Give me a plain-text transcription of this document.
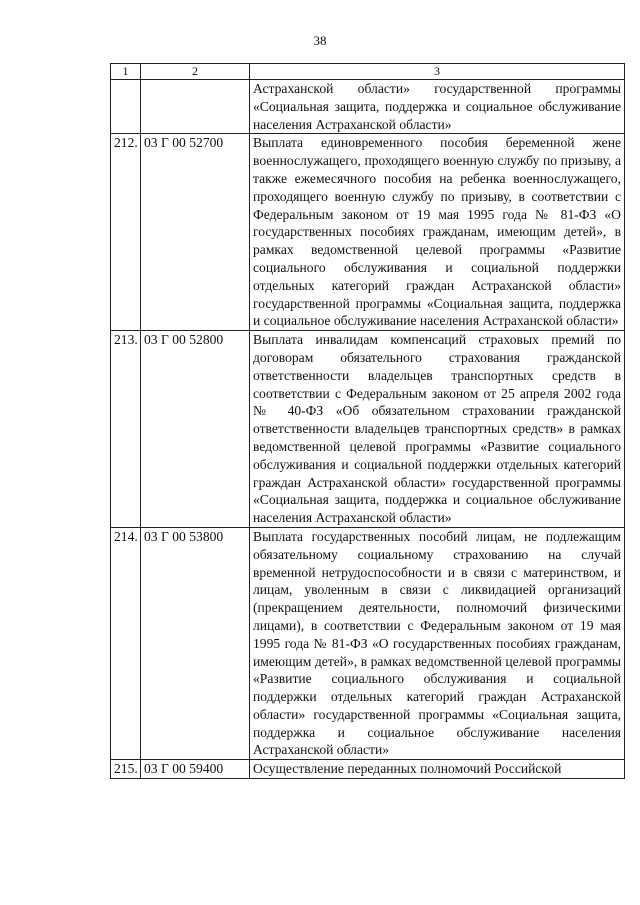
38
1	2	3
		Астраханской области» государственной программы «Социальная защита, поддержка и социальное обслуживание населения Астраханской области»
212.	03 Г 00 52700	Выплата единовременного пособия беременной жене военнослужащего, проходящего военную службу по призыву, а также ежемесячного пособия на ребенка военнослужащего, проходящего военную службу по призыву, в соответствии с Федеральным законом от 19 мая 1995 года № 81-ФЗ «О государственных пособиях гражданам, имеющим детей», в рамках ведомственной целевой программы «Развитие социального обслуживания и социальной поддержки отдельных категорий граждан Астраханской области» государственной программы «Социальная защита, поддержка и социальное обслуживание населения Астраханской области»
213.	03 Г 00 52800	Выплата инвалидам компенсаций страховых премий по договорам обязательного страхования гражданской ответственности владельцев транспортных средств в соответствии с Федеральным законом от 25 апреля 2002 года № 40-ФЗ «Об обязательном страховании гражданской ответственности владельцев транспортных средств» в рамках ведомственной целевой программы «Развитие социального обслуживания и социальной поддержки отдельных категорий граждан Астраханской области» государственной программы «Социальная защита, поддержка и социальное обслуживание населения Астраханской области»
214.	03 Г 00 53800	Выплата государственных пособий лицам, не подлежащим обязательному социальному страхованию на случай временной нетрудоспособности и в связи с материнством, и лицам, уволенным в связи с ликвидацией организаций (прекращением деятельности, полномочий физическими лицами), в соответствии с Федеральным законом от 19 мая 1995 года № 81-ФЗ «О государственных пособиях гражданам, имеющим детей», в рамках ведомственной целевой программы «Развитие социального обслуживания и социальной поддержки отдельных категорий граждан Астраханской области» государственной программы «Социальная защита, поддержка и социальное обслуживание населения Астраханской области»
215.	03 Г 00 59400	Осуществление переданных полномочий Российской
